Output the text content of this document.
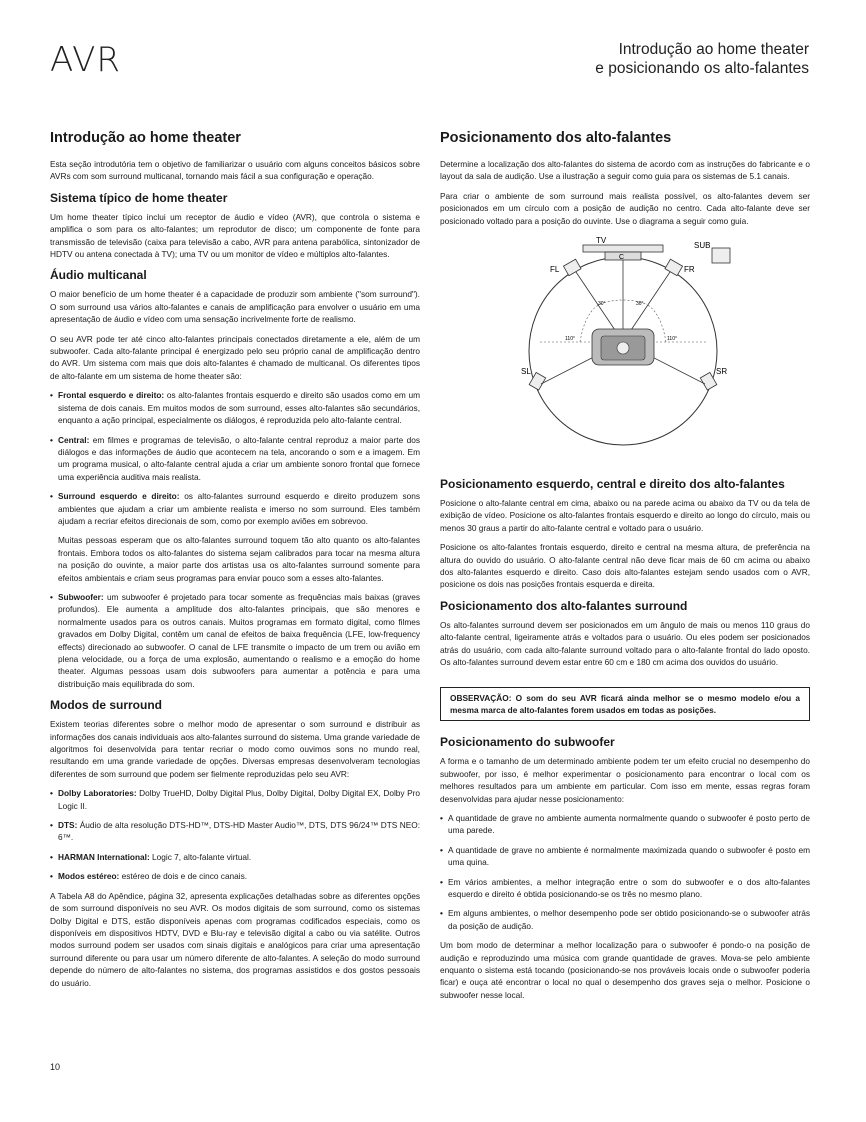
AVR	Introdução ao home theater
e posicionando os alto-falantes
Introdução ao home theater

Esta seção introdutória tem o objetivo de familiarizar o usuário com alguns conceitos básicos sobre AVRs com som surround multicanal, tornando mais fácil a sua configuração e operação.

Sistema típico de home theater

Um home theater típico inclui um receptor de áudio e vídeo (AVR), que controla o sistema e amplifica o som para os alto-falantes; um reprodutor de disco; um componente de fonte para transmissão de televisão (caixa para televisão a cabo, AVR para antena parabólica, sintonizador de HDTV ou antena conectada à TV); uma TV ou um monitor de vídeo e múltiplos alto-falantes.

Áudio multicanal

O maior benefício de um home theater é a capacidade de produzir som ambiente ("som surround"). O som surround usa vários alto-falantes e canais de amplificação para envolver o usuário em uma apresentação de áudio e vídeo com uma sensação incrivelmente forte de realismo.

O seu AVR pode ter até cinco alto-falantes principais conectados diretamente a ele, além de um subwoofer. Cada alto-falante principal é energizado pelo seu próprio canal de amplificação dentro do AVR. Um sistema com mais que dois alto-falantes é chamado de multicanal. Os diferentes tipos de alto-falante em um sistema de home theater são:

• Frontal esquerdo e direito: os alto-falantes frontais esquerdo e direito são usados como em um sistema de dois canais. Em muitos modos de som surround, esses alto-falantes são secundários, enquanto a ação principal, especialmente os diálogos, é reproduzida pelo alto-falante central.

• Central: em filmes e programas de televisão, o alto-falante central reproduz a maior parte dos diálogos e das informações de áudio que acontecem na tela, ancorando o som e a imagem. Em um programa musical, o alto-falante central ajuda a criar um ambiente sonoro frontal que fornece uma experiência auditiva mais realista.

• Surround esquerdo e direito: os alto-falantes surround esquerdo e direito produzem sons ambientes que ajudam a criar um ambiente realista e imerso no som surround. Eles também ajudam a recriar efeitos direcionais de som, como por exemplo aviões em sobrevoo.

Muitas pessoas esperam que os alto-falantes surround toquem tão alto quanto os alto-falantes frontais. Embora todos os alto-falantes do sistema sejam calibrados para tocar na mesma altura na posição do ouvinte, a maior parte dos artistas usa os alto-falantes surround somente para efeitos ambientais e criam seus programas para enviar pouco som a esses alto-falantes.

• Subwoofer: um subwoofer é projetado para tocar somente as frequências mais baixas (graves profundos). Ele aumenta a amplitude dos alto-falantes principais, que são menores e normalmente usados para os outros canais. Muitos programas em formato digital, como filmes gravados em Dolby Digital, contêm um canal de efeitos de baixa frequência (LFE, low-frequency effects) direcionado ao subwoofer. O canal de LFE transmite o impacto de um trem ou avião em plena velocidade, ou a força de uma explosão, aumentando o realismo e a emoção do home theater. Algumas pessoas usam dois subwoofers para aumentar a potência e para uma distribuição mais equilibrada do som.

Modos de surround

Existem teorias diferentes sobre o melhor modo de apresentar o som surround e distribuir as informações dos canais individuais aos alto-falantes surround do sistema. Uma grande variedade de algoritmos foi desenvolvida para tentar recriar o modo como ouvimos sons no mundo real, resultando em uma grande variedade de opções. Diversas empresas desenvolveram tecnologias diferentes de som surround que podem ser fielmente reproduzidas pelo seu AVR:

• Dolby Laboratories: Dolby TrueHD, Dolby Digital Plus, Dolby Digital, Dolby Digital EX, Dolby Pro Logic II.

• DTS: Áudio de alta resolução DTS-HD™, DTS-HD Master Audio™, DTS, DTS 96/24™ DTS NEO: 6™.

• HARMAN International: Logic 7, alto-falante virtual.

• Modos estéreo: estéreo de dois e de cinco canais.

A Tabela A8 do Apêndice, página 32, apresenta explicações detalhadas sobre as diferentes opções de som surround disponíveis no seu AVR. Os modos digitais de som surround, como os sistemas Dolby Digital e DTS, estão disponíveis apenas com programas codificados especiais, como os disponíveis em dispositivos HDTV, DVD e Blu-ray e televisão digital a cabo ou via satélite. Outros modos surround podem ser usados com sinais digitais e analógicos para criar uma apresentação surround diferente ou para usar um número diferente de alto-falantes. A seleção do modo surround depende do número de alto-falantes no sistema, dos programas assistidos e dos gostos pessoais do usuário.

Posicionamento dos alto-falantes

Determine a localização dos alto-falantes do sistema de acordo com as instruções do fabricante e o layout da sala de audição. Use a ilustração a seguir como guia para os sistemas de 5.1 canais.

Para criar o ambiente de som surround mais realista possível, os alto-falantes devem ser posicionados em um círculo com a posição de audição no centro. Cada alto-falante deve ser posicionado voltado para a posição do ouvinte. Use o diagrama a seguir como guia.

TV
C
SUB
FL	FR
SL	SR
30°	30°
110°	110°
Posicionamento esquerdo, central e direito dos alto-falantes

Posicione o alto-falante central em cima, abaixo ou na parede acima ou abaixo da TV ou da tela de exibição de vídeo. Posicione os alto-falantes frontais esquerdo e direito ao longo do círculo, mais ou menos 30 graus a partir do alto-falante central e voltado para o usuário.

Posicione os alto-falantes frontais esquerdo, direito e central na mesma altura, de preferência na altura do ouvido do usuário. O alto-falante central não deve ficar mais de 60 cm acima ou abaixo dos alto-falantes esquerdo e direito. Caso dois alto-falantes estejam sendo usados com o AVR, posicione os dois nas posições frontais esquerda e direita.

Posicionamento dos alto-falantes surround

Os alto-falantes surround devem ser posicionados em um ângulo de mais ou menos 110 graus do alto-falante central, ligeiramente atrás e voltados para o usuário. Ou eles podem ser posicionados atrás do usuário, com cada alto-falante surround voltado para o alto-falante frontal do lado oposto. Os alto-falantes surround devem estar entre 60 cm e 180 cm acima dos ouvidos do usuário.

OBSERVAÇÃO: O som do seu AVR ficará ainda melhor se o mesmo modelo e/ou a mesma marca de alto-falantes forem usados em todas as posições.

Posicionamento do subwoofer

A forma e o tamanho de um determinado ambiente podem ter um efeito crucial no desempenho do subwoofer, por isso, é melhor experimentar o posicionamento para encontrar o local com os melhores resultados para um ambiente em particular. Com isso em mente, essas regras foram desenvolvidas para ajudar nesse posicionamento:

• A quantidade de grave no ambiente aumenta normalmente quando o subwoofer é posto perto de uma parede.

• A quantidade de grave no ambiente é normalmente maximizada quando o subwoofer é posto em uma quina.

• Em vários ambientes, a melhor integração entre o som do subwoofer e o dos alto-falantes esquerdo e direito é obtida posicionando-se os três no mesmo plano.

• Em alguns ambientes, o melhor desempenho pode ser obtido posicionando-se o subwoofer atrás da posição de audição.

Um bom modo de determinar a melhor localização para o subwoofer é pondo-o na posição de audição e reproduzindo uma música com grande quantidade de graves. Mova-se pelo ambiente enquanto o sistema está tocando (posicionando-se nos prováveis locais onde o subwoofer poderia ficar) e ouça até encontrar o local no qual o desempenho dos graves seja o melhor. Posicione o subwoofer nesse local.

10
